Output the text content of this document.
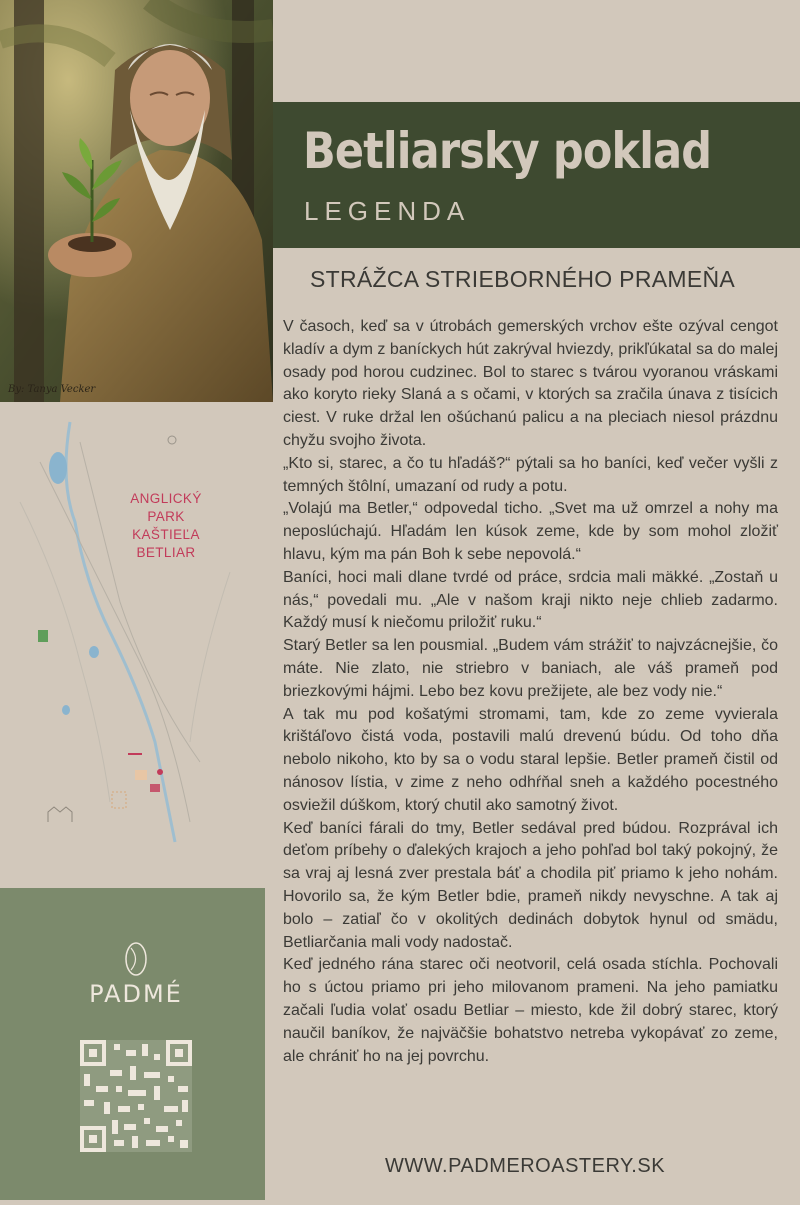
By: Tanya Vecker

ANGLICKÝ
PARK
KAŠTIEĽA
BETLIAR

PADMÉ

Betliarsky poklad

LEGENDA

STRÁŽCA STRIEBORNÉHO PRAMEŇA

V časoch, keď sa v útrobách gemerských vrchov ešte ozýval cengot kladív a dym z baníckych hút zakrýval hviezdy, prikľúkatal sa do malej osady pod horou cudzinec. Bol to starec s tvárou vyoranou vráskami ako koryto rieky Slaná a s očami, v ktorých sa zračila únava z tisícich ciest. V ruke držal len ošúchanú palicu a na pleciach niesol prázdnu chyžu svojho života.

„Kto si, starec, a čo tu hľadáš?“ pýtali sa ho baníci, keď večer vyšli z temných štôlní, umazaní od rudy a potu.

„Volajú ma Betler,“ odpovedal ticho. „Svet ma už omrzel a nohy ma neposlúchajú. Hľadám len kúsok zeme, kde by som mohol zložiť hlavu, kým ma pán Boh k sebe nepovolá.“

Baníci, hoci mali dlane tvrdé od práce, srdcia mali mäkké. „Zostaň u nás,“ povedali mu. „Ale v našom kraji nikto neje chlieb zadarmo. Každý musí k niečomu priložiť ruku.“

Starý Betler sa len pousmial. „Budem vám strážiť to najvzácnejšie, čo máte. Nie zlato, nie striebro v baniach, ale váš prameň pod briezkovými hájmi. Lebo bez kovu prežijete, ale bez vody nie.“

A tak mu pod košatými stromami, tam, kde zo zeme vyvierala krištáľovo čistá voda, postavili malú drevenú búdu. Od toho dňa nebolo nikoho, kto by sa o vodu staral lepšie. Betler prameň čistil od nánosov lístia, v zime z neho odhŕňal sneh a každého pocestného osviežil dúškom, ktorý chutil ako samotný život.

Keď baníci fárali do tmy, Betler sedával pred búdou. Rozprával ich deťom príbehy o ďalekých krajoch a jeho pohľad bol taký pokojný, že sa vraj aj lesná zver prestala báť a chodila piť priamo k jeho nohám. Hovorilo sa, že kým Betler bdie, prameň nikdy nevyschne. A tak aj bolo – zatiaľ čo v okolitých dedinách dobytok hynul od smädu, Betliarčania mali vody nadostač.

Keď jedného rána starec oči neotvoril, celá osada stíchla. Pochovali ho s úctou priamo pri jeho milovanom prameni. Na jeho pamiatku začali ľudia volať osadu Betliar – miesto, kde žil dobrý starec, ktorý naučil baníkov, že najväčšie bohatstvo netreba vykopávať zo zeme, ale chrániť ho na jej povrchu.

WWW.PADMEROASTERY.SK
